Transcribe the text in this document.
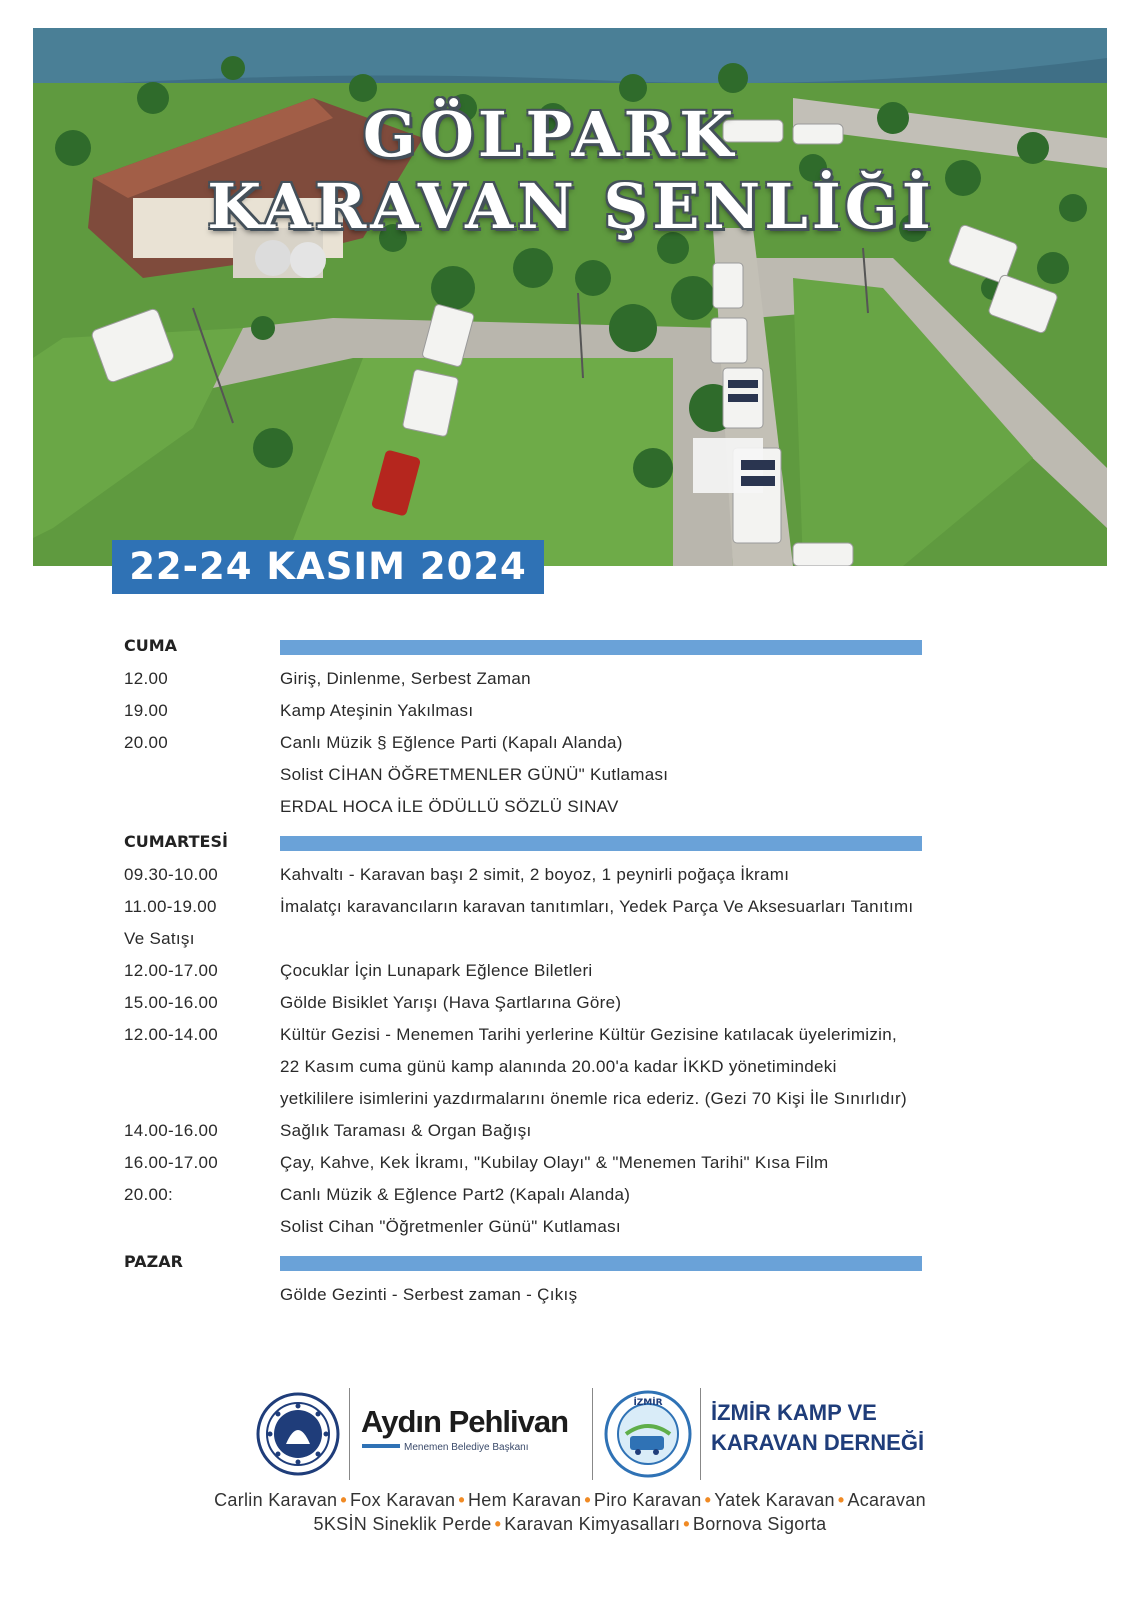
GÖLPARK
KARAVAN ŞENLİĞİ
22-24 KASIM 2024
CUMA
12.00	Giriş, Dinlenme, Serbest Zaman
19.00	Kamp Ateşinin Yakılması
20.00	Canlı Müzik § Eğlence Parti (Kapalı Alanda)
Solist CİHAN ÖĞRETMENLER GÜNÜ" Kutlaması
ERDAL HOCA İLE ÖDÜLLÜ SÖZLÜ SINAV
CUMARTESİ
09.30-10.00	Kahvaltı - Karavan başı 2 simit, 2 boyoz, 1 peynirli poğaça İkramı
11.00-19.00	İmalatçı karavancıların karavan tanıtımları, Yedek Parça Ve Aksesuarları Tanıtımı
Ve Satışı
12.00-17.00	Çocuklar İçin Lunapark Eğlence Biletleri
15.00-16.00	Gölde Bisiklet Yarışı (Hava Şartlarına Göre)
12.00-14.00	Kültür Gezisi - Menemen Tarihi yerlerine Kültür Gezisine katılacak üyelerimizin,
22 Kasım cuma günü kamp alanında 20.00'a kadar İKKD yönetimindeki
yetkililere isimlerini yazdırmalarını önemle rica ederiz. (Gezi 70 Kişi İle Sınırlıdır)
14.00-16.00	Sağlık Taraması & Organ Bağışı
16.00-17.00	Çay, Kahve, Kek İkramı, "Kubilay Olayı" & "Menemen Tarihi" Kısa Film
20.00:	Canlı Müzik & Eğlence Part2 (Kapalı Alanda)
Solist Cihan "Öğretmenler Günü" Kutlaması
PAZAR
Gölde Gezinti - Serbest zaman - Çıkış
Aydın Pehlivan
Menemen Belediye Başkanı
İZMİR İZMİR KAMP VE
KARAVAN DERNEĞİ
Carlin Karavan • Fox Karavan • Hem Karavan • Piro Karavan • Yatek Karavan • Acaravan
5KSİN Sineklik Perde • Karavan Kimyasalları • Bornova Sigorta
